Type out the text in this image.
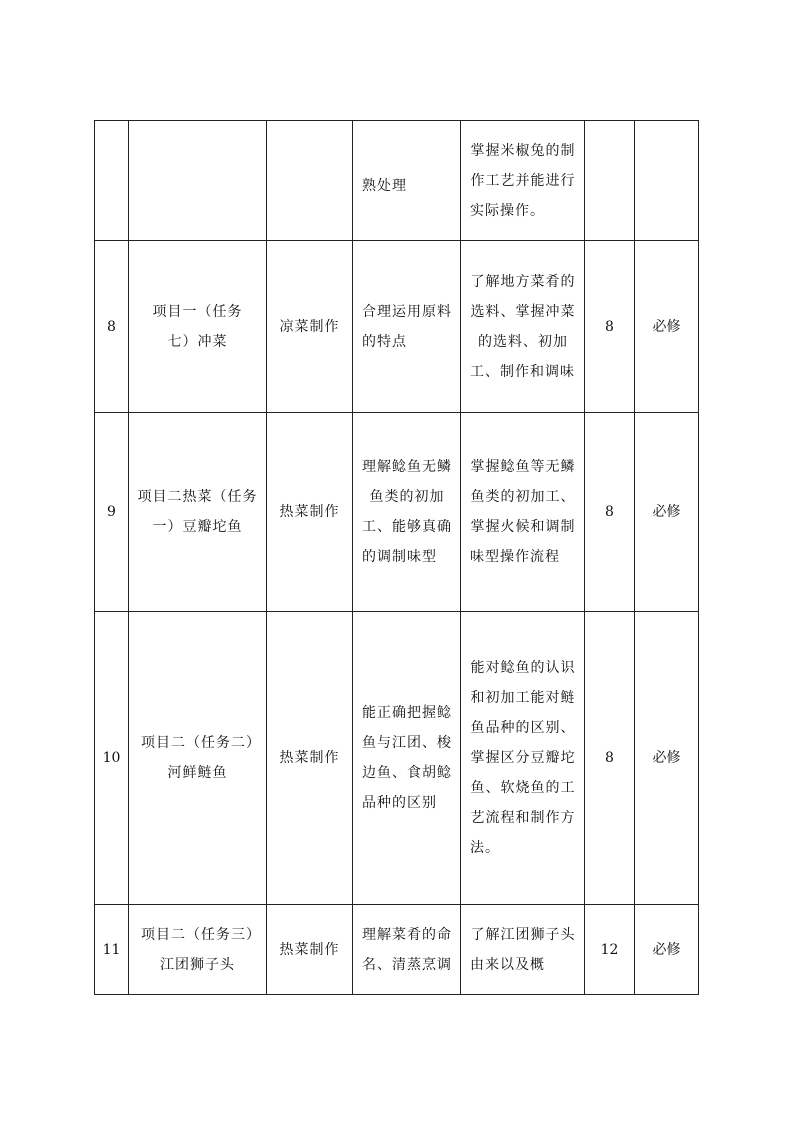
			熟处理	掌握米椒兔的制作工艺并能进行实际操作。		

8	项目一（任务七）冲菜	凉菜制作	合理运用原料的特点	了解地方菜肴的选料、掌握冲菜的选料、初加工、制作和调味	8	必修
9	项目二热菜（任务一）豆瓣坨鱼	热菜制作	理解鲶鱼无鳞鱼类的初加工、能够真确的调制味型	掌握鲶鱼等无鳞鱼类的初加工、掌握火候和调制味型操作流程	8	必修
10	项目二（任务二）河鲜鲢鱼	热菜制作	能正确把握鲶鱼与江团、梭边鱼、食胡鲶品种的区别	能对鲶鱼的认识和初加工能对鲢鱼品种的区别、掌握区分豆瓣坨鱼、软烧鱼的工艺流程和制作方法。	8	必修
11	项目二（任务三）江团狮子头	热菜制作	理解菜肴的命名、清蒸烹调	了解江团狮子头由来以及概	12	必修
